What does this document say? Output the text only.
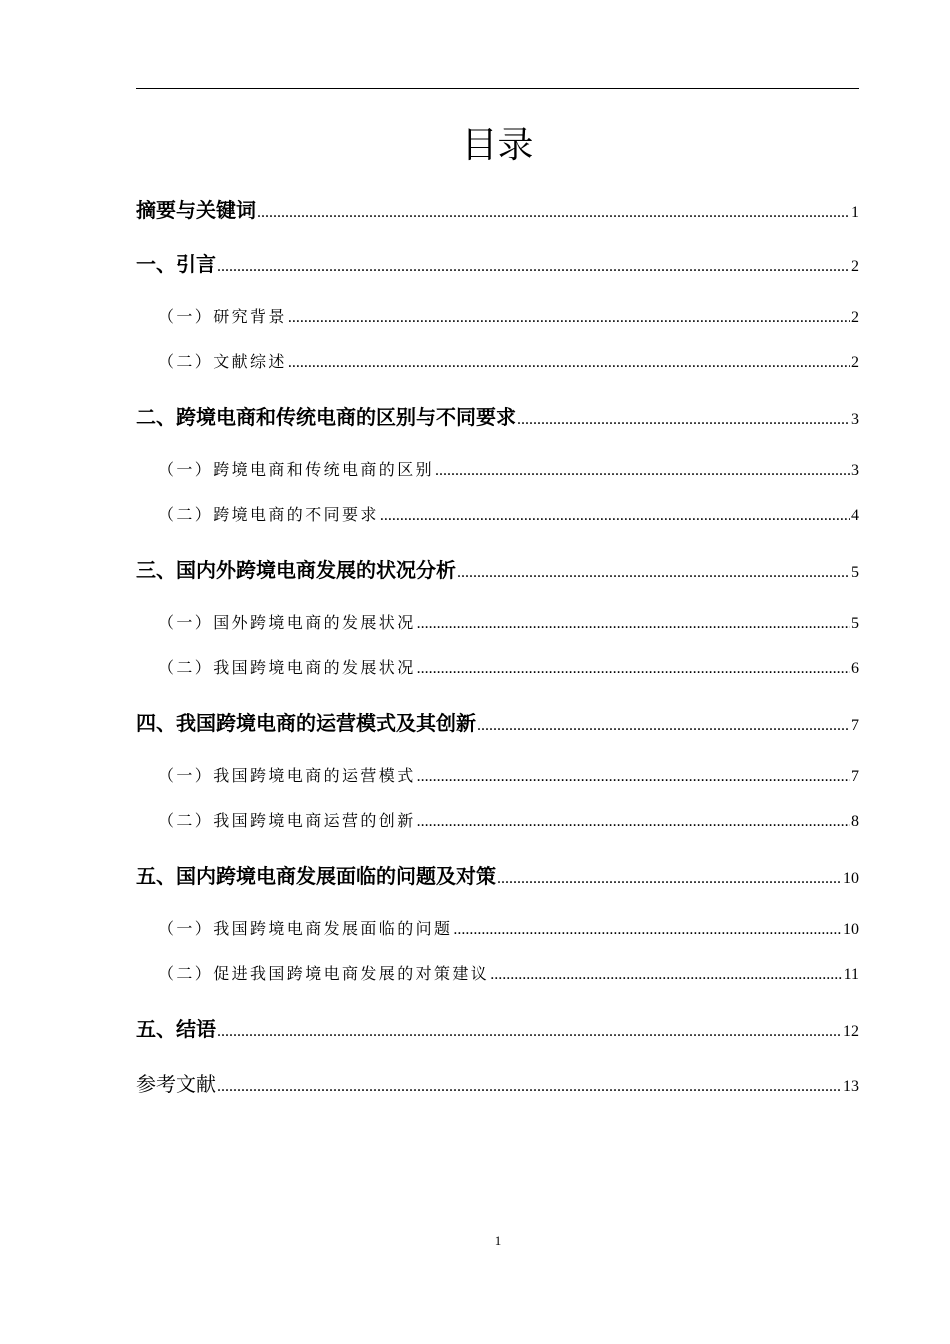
目录
摘要与关键词 .....	1
一、引言 .....	2
（一）研究背景 .....	2
（二）文献综述 .....	2
二、跨境电商和传统电商的区别与不同要求 .....	3
（一）跨境电商和传统电商的区别 .....	3
（二）跨境电商的不同要求 .....	4
三、国内外跨境电商发展的状况分析 .....	5
（一）国外跨境电商的发展状况 .....	5
（二）我国跨境电商的发展状况 .....	6
四、我国跨境电商的运营模式及其创新 .....	7
（一）我国跨境电商的运营模式 .....	7
（二）我国跨境电商运营的创新 .....	8
五、国内跨境电商发展面临的问题及对策 .....	10
（一）我国跨境电商发展面临的问题 .....	10
（二）促进我国跨境电商发展的对策建议 .....	11
五、结语 .....	12
参考文献 .....	13
1
